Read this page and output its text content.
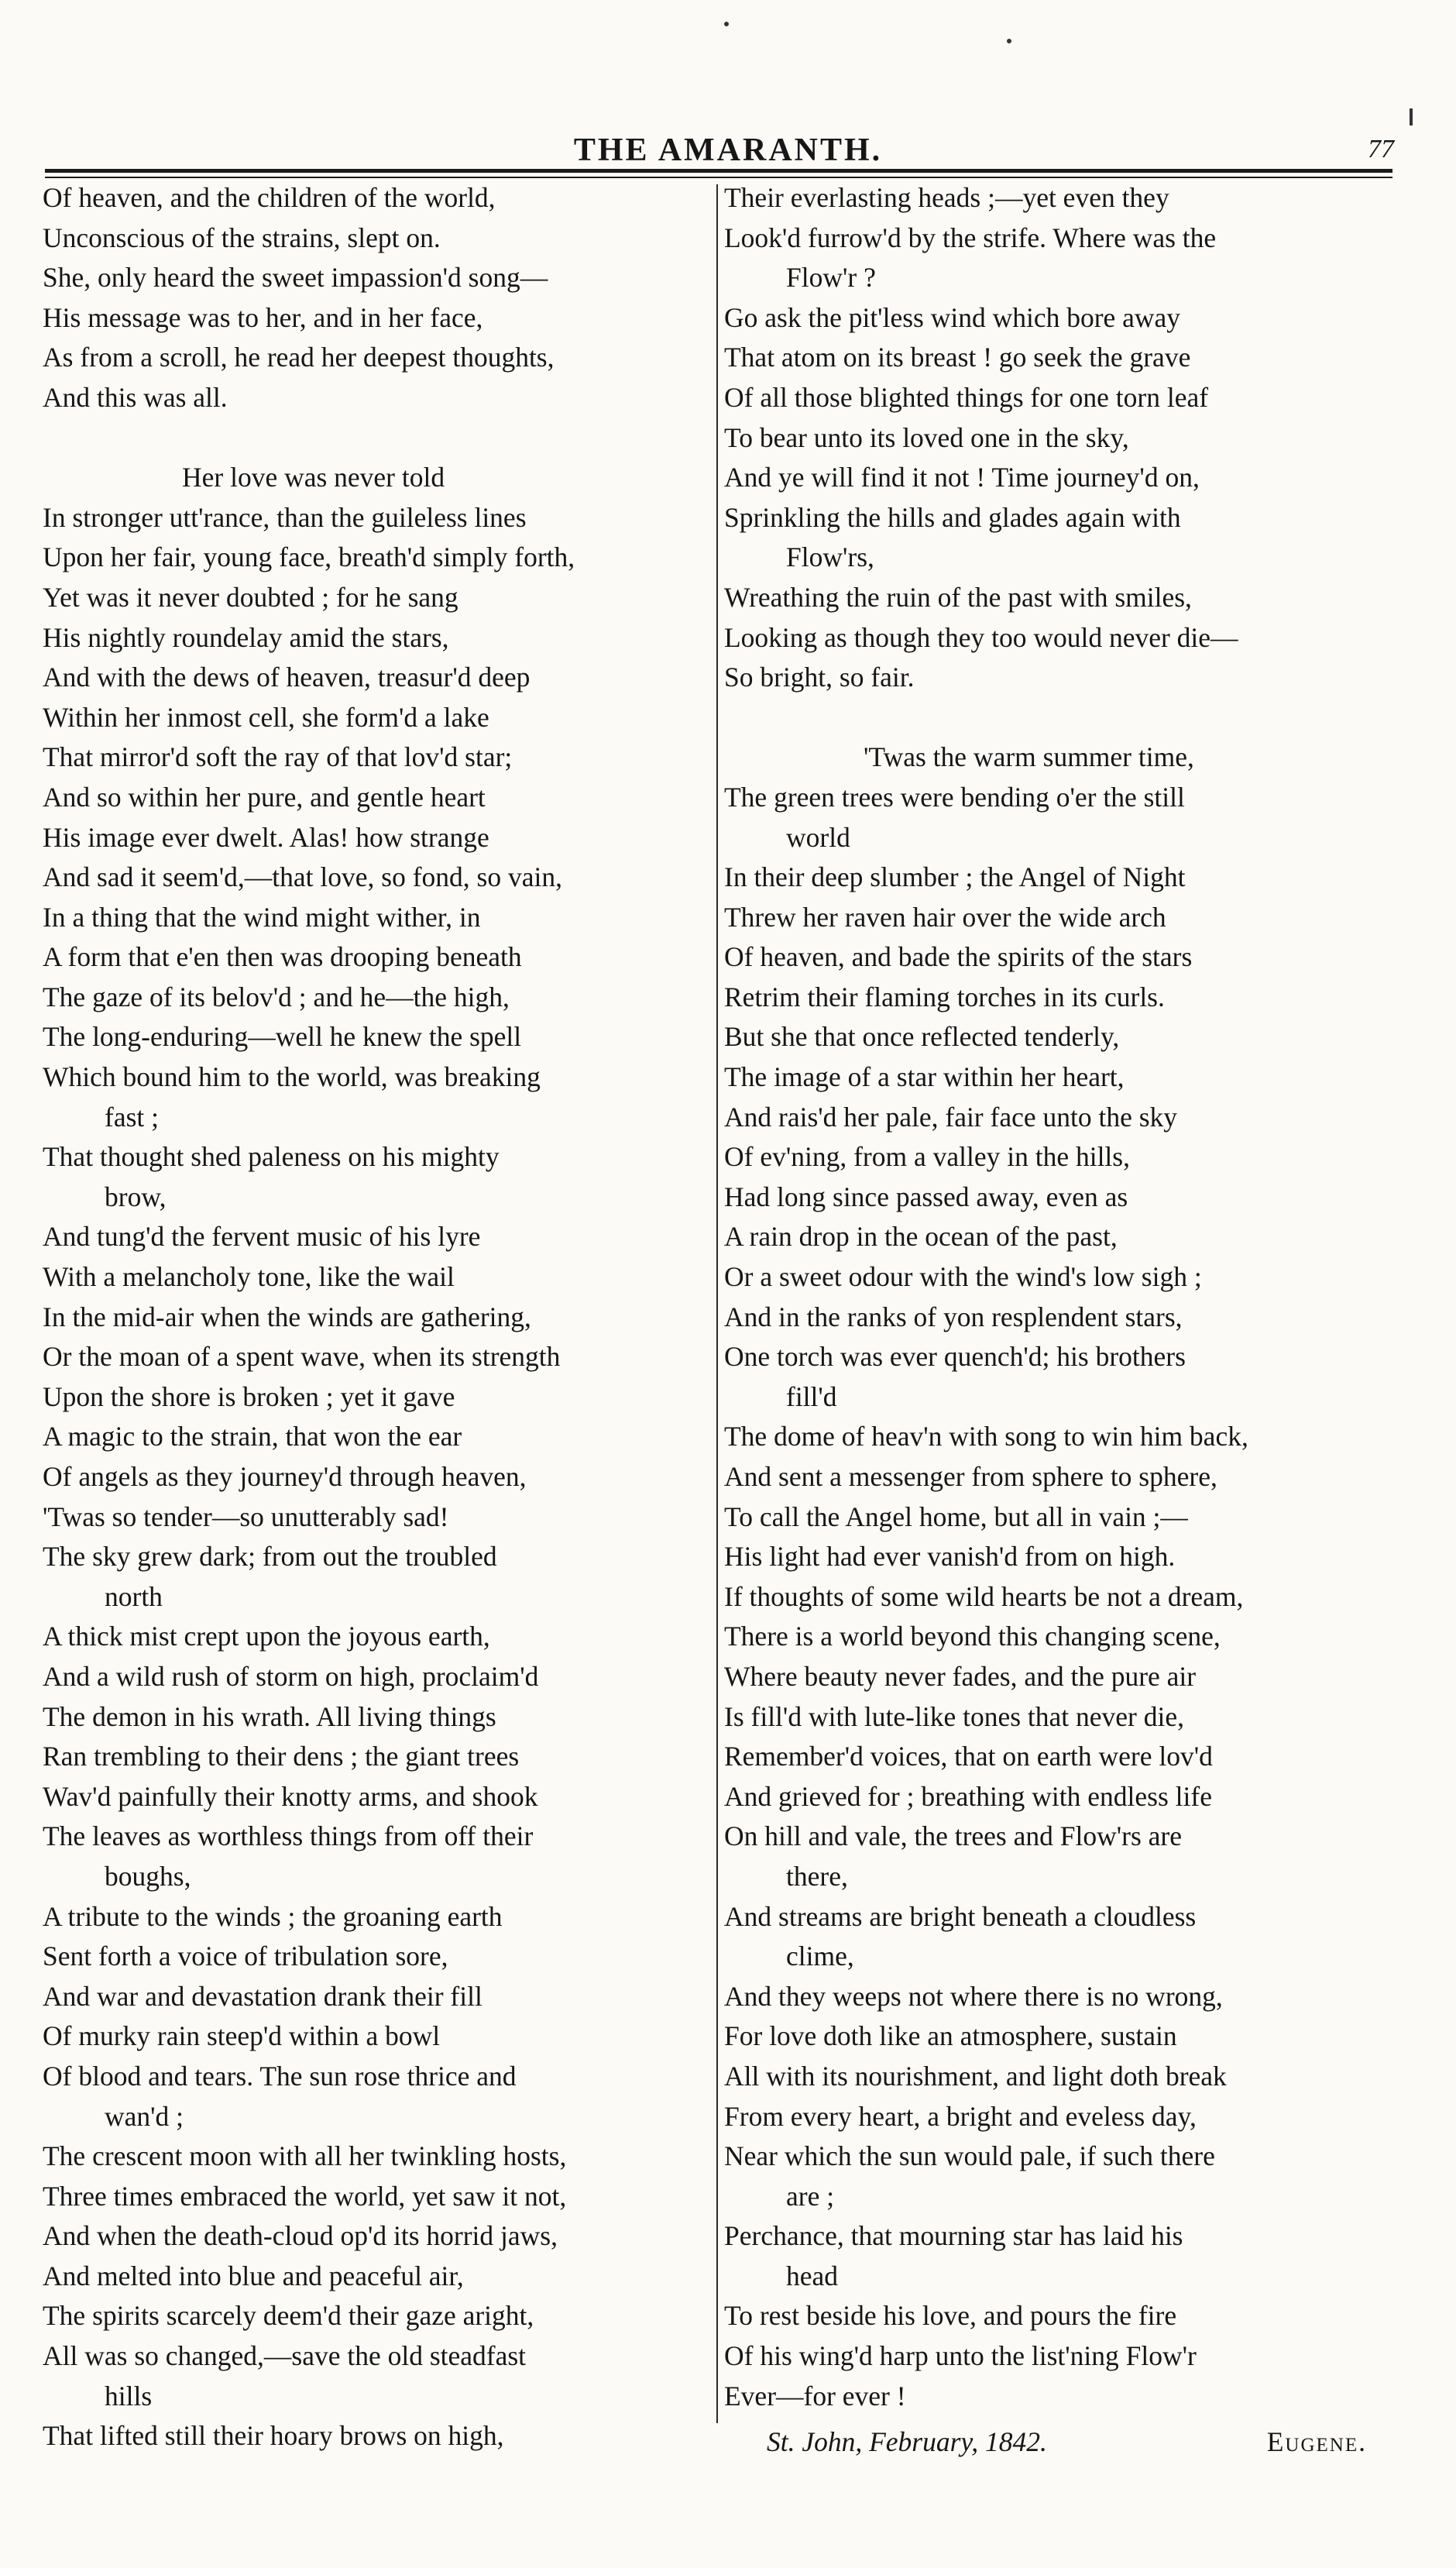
THE AMARANTH.	77
Of heaven, and the children of the world,
Unconscious of the strains, slept on.
She, only heard the sweet impassion'd song—
His message was to her, and in her face,
As from a scroll, he read her deepest thoughts,
And this was all.
Her love was never told
In stronger utt'rance, than the guileless lines
Upon her fair, young face, breath'd simply forth,
Yet was it never doubted ; for he sang
His nightly roundelay amid the stars,
And with the dews of heaven, treasur'd deep
Within her inmost cell, she form'd a lake
That mirror'd soft the ray of that lov'd star;
And so within her pure, and gentle heart
His image ever dwelt. Alas! how strange
And sad it seem'd,—that love, so fond, so vain,
In a thing that the wind might wither, in
A form that e'en then was drooping beneath
The gaze of its belov'd ; and he—the high,
The long-enduring—well he knew the spell
Which bound him to the world, was breaking
fast ;
That thought shed paleness on his mighty
brow,
And tung'd the fervent music of his lyre
With a melancholy tone, like the wail
In the mid-air when the winds are gathering,
Or the moan of a spent wave, when its strength
Upon the shore is broken ; yet it gave
A magic to the strain, that won the ear
Of angels as they journey'd through heaven,
'Twas so tender—so unutterably sad!
The sky grew dark; from out the troubled
north
A thick mist crept upon the joyous earth,
And a wild rush of storm on high, proclaim'd
The demon in his wrath. All living things
Ran trembling to their dens ; the giant trees
Wav'd painfully their knotty arms, and shook
The leaves as worthless things from off their
boughs,
A tribute to the winds ; the groaning earth
Sent forth a voice of tribulation sore,
And war and devastation drank their fill
Of murky rain steep'd within a bowl
Of blood and tears. The sun rose thrice and
wan'd ;
The crescent moon with all her twinkling hosts,
Three times embraced the world, yet saw it not,
And when the death-cloud op'd its horrid jaws,
And melted into blue and peaceful air,
The spirits scarcely deem'd their gaze aright,
All was so changed,—save the old steadfast
hills
That lifted still their hoary brows on high,
Their everlasting heads ;—yet even they
Look'd furrow'd by the strife. Where was the
Flow'r ?
Go ask the pit'less wind which bore away
That atom on its breast ! go seek the grave
Of all those blighted things for one torn leaf
To bear unto its loved one in the sky,
And ye will find it not ! Time journey'd on,
Sprinkling the hills and glades again with
Flow'rs,
Wreathing the ruin of the past with smiles,
Looking as though they too would never die—
So bright, so fair.
'Twas the warm summer time,
The green trees were bending o'er the still
world
In their deep slumber ; the Angel of Night
Threw her raven hair over the wide arch
Of heaven, and bade the spirits of the stars
Retrim their flaming torches in its curls.
But she that once reflected tenderly,
The image of a star within her heart,
And rais'd her pale, fair face unto the sky
Of ev'ning, from a valley in the hills,
Had long since passed away, even as
A rain drop in the ocean of the past,
Or a sweet odour with the wind's low sigh ;
And in the ranks of yon resplendent stars,
One torch was ever quench'd; his brothers
fill'd
The dome of heav'n with song to win him back,
And sent a messenger from sphere to sphere,
To call the Angel home, but all in vain ;—
His light had ever vanish'd from on high.
If thoughts of some wild hearts be not a dream,
There is a world beyond this changing scene,
Where beauty never fades, and the pure air
Is fill'd with lute-like tones that never die,
Remember'd voices, that on earth were lov'd
And grieved for ; breathing with endless life
On hill and vale, the trees and Flow'rs are
there,
And streams are bright beneath a cloudless
clime,
And they weeps not where there is no wrong,
For love doth like an atmosphere, sustain
All with its nourishment, and light doth break
From every heart, a bright and eveless day,
Near which the sun would pale, if such there
are ;
Perchance, that mourning star has laid his
head
To rest beside his love, and pours the fire
Of his wing'd harp unto the list'ning Flow'r
Ever—for ever !
St. John, February, 1842.	Eugene.
